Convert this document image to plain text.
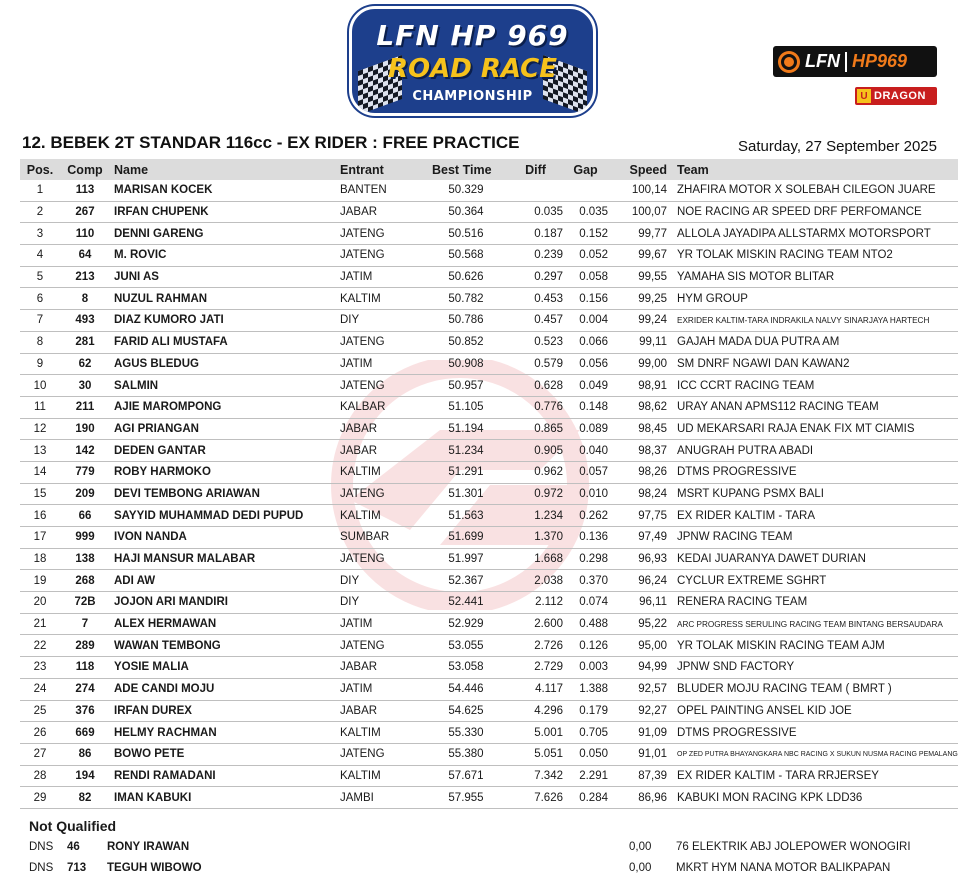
LFN HP 969
ROAD RACE
CHAMPIONSHIP
LFN HP969
U DRAGON
12. BEBEK 2T STANDAR 116cc - EX RIDER : FREE PRACTICE	Saturday, 27 September 2025
Pos.	Comp	Name	Entrant	Best Time	Diff	Gap	Speed	Team
1	113	MARISAN KOCEK	BANTEN	50.329			100,14	ZHAFIRA MOTOR X SOLEBAH CILEGON JUARE
2	267	IRFAN CHUPENK	JABAR	50.364	0.035	0.035	100,07	NOE RACING AR SPEED DRF PERFOMANCE
3	110	DENNI GARENG	JATENG	50.516	0.187	0.152	99,77	ALLOLA JAYADIPA ALLSTARMX MOTORSPORT
4	64	M. ROVIC	JATENG	50.568	0.239	0.052	99,67	YR TOLAK MISKIN RACING TEAM NTO2
5	213	JUNI AS	JATIM	50.626	0.297	0.058	99,55	YAMAHA SIS MOTOR BLITAR
6	8	NUZUL RAHMAN	KALTIM	50.782	0.453	0.156	99,25	HYM GROUP
7	493	DIAZ KUMORO JATI	DIY	50.786	0.457	0.004	99,24	EXRIDER KALTIM-TARA INDRAKILA NALVY SINARJAYA HARTECH
8	281	FARID ALI MUSTAFA	JATENG	50.852	0.523	0.066	99,11	GAJAH MADA DUA PUTRA AM
9	62	AGUS BLEDUG	JATIM	50.908	0.579	0.056	99,00	SM DNRF NGAWI DAN KAWAN2
10	30	SALMIN	JATENG	50.957	0.628	0.049	98,91	ICC CCRT RACING TEAM
11	211	AJIE MAROMPONG	KALBAR	51.105	0.776	0.148	98,62	URAY ANAN APMS112 RACING TEAM
12	190	AGI PRIANGAN	JABAR	51.194	0.865	0.089	98,45	UD MEKARSARI RAJA ENAK FIX MT CIAMIS
13	142	DEDEN GANTAR	JABAR	51.234	0.905	0.040	98,37	ANUGRAH PUTRA ABADI
14	779	ROBY HARMOKO	KALTIM	51.291	0.962	0.057	98,26	DTMS PROGRESSIVE
15	209	DEVI TEMBONG ARIAWAN	JATENG	51.301	0.972	0.010	98,24	MSRT KUPANG PSMX BALI
16	66	SAYYID MUHAMMAD DEDI PUPUD	KALTIM	51.563	1.234	0.262	97,75	EX RIDER KALTIM - TARA
17	999	IVON NANDA	SUMBAR	51.699	1.370	0.136	97,49	JPNW RACING TEAM
18	138	HAJI MANSUR MALABAR	JATENG	51.997	1.668	0.298	96,93	KEDAI JUARANYA DAWET DURIAN
19	268	ADI AW	DIY	52.367	2.038	0.370	96,24	CYCLUR EXTREME SGHRT
20	72B	JOJON ARI MANDIRI	DIY	52.441	2.112	0.074	96,11	RENERA RACING TEAM
21	7	ALEX HERMAWAN	JATIM	52.929	2.600	0.488	95,22	ARC PROGRESS SERULING RACING TEAM BINTANG BERSAUDARA
22	289	WAWAN TEMBONG	JATENG	53.055	2.726	0.126	95,00	YR TOLAK MISKIN RACING TEAM AJM
23	118	YOSIE MALIA	JABAR	53.058	2.729	0.003	94,99	JPNW SND FACTORY
24	274	ADE CANDI MOJU	JATIM	54.446	4.117	1.388	92,57	BLUDER MOJU RACING TEAM ( BMRT )
25	376	IRFAN DUREX	JABAR	54.625	4.296	0.179	92,27	OPEL PAINTING ANSEL KID JOE
26	669	HELMY RACHMAN	KALTIM	55.330	5.001	0.705	91,09	DTMS PROGRESSIVE
27	86	BOWO PETE	JATENG	55.380	5.051	0.050	91,01	OP ZED PUTRA BHAYANGKARA NBC RACING X SUKUN NUSMA RACING PEMALANG
28	194	RENDI RAMADANI	KALTIM	57.671	7.342	2.291	87,39	EX RIDER KALTIM - TARA RRJERSEY
29	82	IMAN KABUKI	JAMBI	57.955	7.626	0.284	86,96	KABUKI MON RACING KPK LDD36
Not Qualified
DNS 46 RONY IRAWAN	0,00 76 ELEKTRIK ABJ JOLEPOWER WONOGIRI
DNS 713 TEGUH WIBOWO	0,00 MKRT HYM NANA MOTOR BALIKPAPAN
